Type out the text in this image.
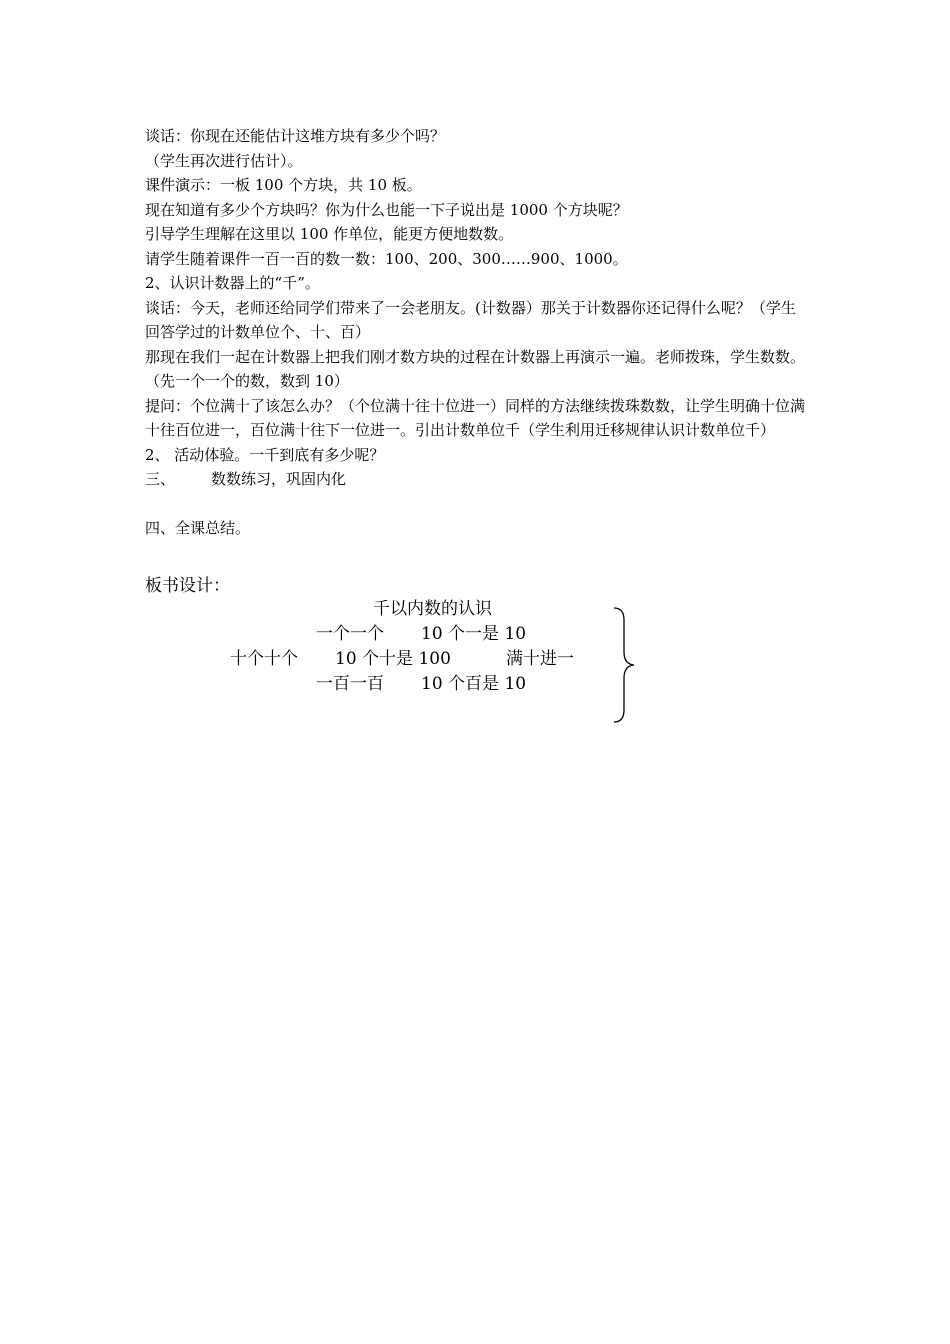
谈话：你现在还能估计这堆方块有多少个吗？

（学生再次进行估计）。

课件演示：一板 100 个方块，共 10 板。

现在知道有多少个方块吗？你为什么也能一下子说出是 1000 个方块呢？

引导学生理解在这里以 100 作单位，能更方便地数数。

请学生随着课件一百一百的数一数：100、200、300……900、1000。

2、认识计数器上的“千”。

谈话：今天，老师还给同学们带来了一会老朋友。(计数器）那关于计数器你还记得什么呢？（学生回答学过的计数单位个、十、百）

那现在我们一起在计数器上把我们刚才数方块的过程在计数器上再演示一遍。老师拨珠，学生数数。（先一个一个的数，数到 10）

提问：个位满十了该怎么办？（个位满十往十位进一）同样的方法继续拨珠数数，让学生明确十位满十往百位进一，百位满十往下一位进一。引出计数单位千（学生利用迁移规律认识计数单位千）

2、 活动体验。一千到底有多少呢？

三、 数数练习，巩固内化

四、全课总结。

板书设计：
千以内数的认识
一个一个 10 个一是 10
十个十个 10 个十是 100	满十进一
一百一百 10 个百是 10
